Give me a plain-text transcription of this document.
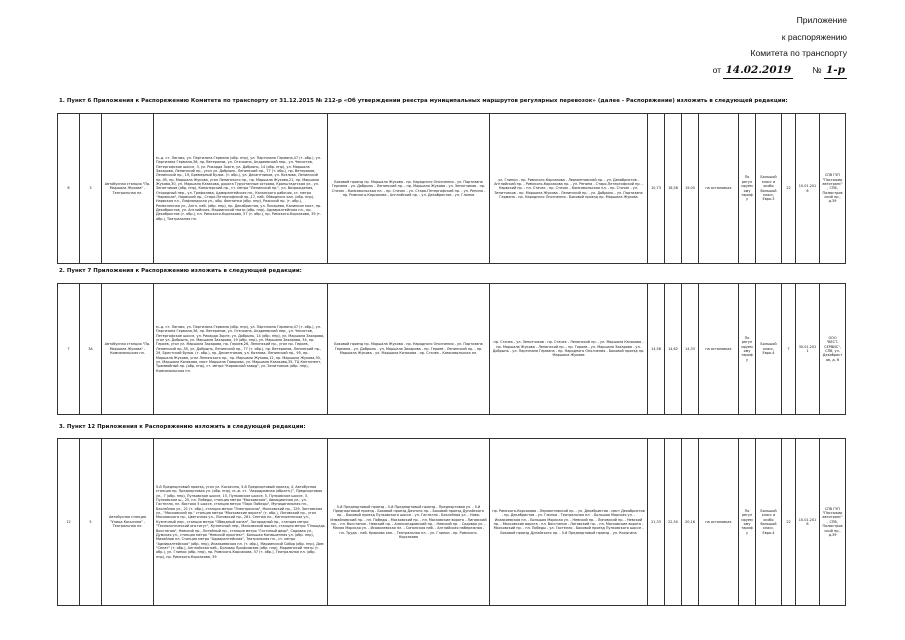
Приложение
к распоряжению
Комитета по транспорту
от 14.02.2019 № 1-р
1. Пункт 6 Приложения к Распоряжению Комитета по транспорту от 31.12.2015 № 212-р «Об утверждении реестра муниципальных маршрутов регулярных перевозок» (далее - Распоряжение) изложить в следующей редакции:
6	3	Автобусная станция "Пр. Маршала Жукова" - Театральная пл.	м.-д. ст. Лигово, ул. Партизана Германа (обр. нпр), ул. Партизана Германа,47 (т. обр.), ул. Партизана Германа,36, пр. Ветеранов, ул. Отечкина, Андреевский пер., ул. Чекистов, Петергофское шоссе, 3, ул. Рихарда Зорге, ул. Добрынь, 14 (обр. нпр), ул. Маршала Захарова, Ленинский пр., угол ул. Добрынь, Ленинский пр., 77 (т. обр.), пр. Ветеранов, Ленинский пр., 19, Бремерный бульв. (т. обр.), ул. Десантников, ул. Козлова, Ленинский пр.,95, пр. Маршала Жукова, угол Ленинского пр., пр. Маршала Жукова,21, пр. Маршала Жукова,30, ул. Маршала Казакова, дорога Турухтанные острова, Кронштадтская ул., ул. Зенитчиков (обр. нпр), Канонерский пр., ст. метро "Ленинский пр.", ул. Возрождения, Огородный пер., ул. Трефолева, Адмиралтейская пл., Казанского рабочих, ст. метро "Нарвская", Нарвский пр., Старо-Петергофский пр.,17, наб. Обводного кан. (обр. нпр), Нарвская пл., Лифляндская ул., обр. Фонтанки (обр. нпр), Рижский пр. (т. обр.), Ремесленная ул., Англ. наб. (обр. нпр), пр. Декабристов, ул. Писарева, Калинкин мост, пр. Декабристов, ул. Английская, Мариинский театр (обр. нпр), Адмиралтейская пл., пр. Декабристов (т. обр.), пл. Римского-Корсакова, 57 (т. обр.), пр. Римского-Корсакова, 39 (т. обр.), Театральная пл.	Боковой проезд пр. Маршала Жукова - пр. Народного Ополчения - ул. Партизана Германа - ул. Добрынь - Ленинский пр. - пр. Маршала Жукова - ул. Зенитчиков - пр. Стачек - Комсомольская пл. - пр. Стачек - ул. Старо-Петергофский пр. - ул. Репина - пр. Римского-Корсакова - Английский пр. - ул. Декабристов - ул. Глинки	ул. Глинки - пр. Римского-Корсакова - Лермонтовский пр. - ул. Декабристов - Английский пр. - Римского-Корсакова пр. - ул. Репина - Старо-Петергофский пр. - Нарвский пр. - пл. Стачек - пр. Стачек - Комсомольская пл. - пр. Стачек - ул. Зенитчиков - пр. Маршала Жукова - Ленинский пр. - ул. Добрынь - ул. Партизана Германа - пр. Народного Ополчения - Боковой проезд пр. Маршала Жукова	10,73	18,58	19,00	на остановках	По регулируемому тарифу	Большой класс и особо большой класс, Евро-3	22	10.01.2016	СПб ГУП "Пассажиравтотранс", СПб, Полюстровский пр., д.39
2. Пункт 7 Приложения к Распоряжению изложить в следующей редакции:
7	3А	Автобусная станция "Пр. Маршала Жукова" - Комсомольская пл.	м.-д. ст. Лигово, ул. Партизана Германа (обр. нпр), ул. Партизана Германа,47 (т. обр.), ул. Партизана Германа,36, пр. Ветеранов, ул. Отечкина, Андреевский пер., ул. Чекистов, Петергофское шоссе, ул. Рихарда Зорге, ул. Добрынь, 14 (обр. нпр), ул. Маршала Захарова, угол ул. Добрынь, ул. Маршала Захарова, 19 (обр. нпр), ул. Маршала Захарова, 34, пр. Героев, угол ул. Маршала Захарова, пр. Героев,26, Ленинский пр., угол пр. Героев, Ленинский пр.,55, ул. Добрынь, Ленинский пр., 77 (т. обр.), пр. Ветеранов, Ленинский пр., 29, Брестский бульв. (т. обр.), пр. Десантников, ул. Козлова, Ленинский пр., 95, пр. Маршала Жукова, угол Ленинского пр., пр. Маршала Жукова,12, пр. Маршала Жукова,30, ул. Маршала Казакова, мост Маршала Говорова, ул. Маршала Казакова,35, ТЦ Континент, Трамвайный пр. (обр. нпр), ст. метро "Кировский завод", ул. Зенитчиков (обр. нпр), Комсомольская пл.	Боковой проезд пр. Маршала Жукова - пр. Народного Ополчения - ул. Партизана Германа - ул. Добрынь - ул. Маршала Захарова - пр. Героев - Ленинский пр. - пр. Маршала Жукова - ул. Маршала Казакова - пр. Стачек - Комсомольская пл.	пр. Стачек - ул. Зенитчиков - пр. Стачек - Ленинский пр. - ул. Маршала Казакова - пр. Маршала Жукова - Ленинский пр. - пр. Героев - ул. Маршала Захарова - ул. Добрынь - ул. Партизана Германа - пр. Народного Ополчения - Боковой проезд пр. Маршала Жукова	14,58	14,62	14,33	на остановках	По регулируемому тарифу	Большой класс, Евро-4	7	30.01.2011	ООО "ВЕСТ-СЕРВИС", СПб, ул. Декабристов, д. 6
3. Пункт 12 Приложения к Распоряжению изложить в следующей редакции:
12	5	Автобусная станция "Улица Косыгина" - Театральная пл.	5-й Предпортовый проезд, угол ул. Косыгина, 5-й Предпортовый проезд, 4, Автобусная станция пр. Предпортовая ул. (обр. нпр), м.-ж. ст. "Аеродромная (обратн.)", Предпортовая ул., 7 (обр. нпр), Пулковское шоссе, 15, Пулковское шоссе, 5, Пулковское шоссе, 3, Пулковское ш., 25, пл. Победы, станция метро "Московская", Авиационная ул., ул. Гастелло, пл. Востока 5 шоссе, станция метро "Парк Победы", Муниципальная пл., Бассейная ул., 21 (т. обр.), станция метро "Электросила", Московский пр., 129, Заставская ул., "Московский пр." станция метро "Московские ворота" (т. обр.), Лиговский пр., угол Московского пр., Цветочная ул., Лиговский пр., 281, Сенная пл., Кингисеппская ул., Кузнечный пер., станция метро "Обводный канал", Загородный пр., станция метро "Технологический институт", Кузнечный пер., Московский вокзал, станция метро "Площадь Восстания", Невский пр., Литейный пр., станция метро "Гостиный двор", Садовая ул., Думская ул., станция метро "Невский проспект", Большая Конюшенная ул. (обр. нпр), Михайлов пл. Станция метро "Адмиралтейская", Театральная пл., ст. метро "Адмиралтейская" (обр. нпр), Исаакиевская пл. (т. обр.), Мариинский Собор (обр. нпр), Дом "Сенат" (т. обр.), Английская наб., Бульвар Профсоюзов (обр. нпр), Мариинский театр (т. обр.), ул. Глинки (обр. нпр), пр. Римского-Корсакова, 57 (т. обр.), Театральная пл. (обр. нпр), пр. Римского-Корсакова, 39	5-й Предпортовый проезд - 5-й Предпортовый проезд - Предпортовая ул. - 5-й Предпортовый проезд - Боковой проезд Дачного пр. - Боковой проезд Дунайского пр. - Боковой проезд Пулковского шоссе - ул. Гастелло - Бассейная ул. - Ново-Измайловский пр. - пл. Победы - Московский пр. - пл. Московские ворота - Лиговский пр. - пл. Восстания - Невский пр. - Александровский пр. - Невский пр. - Садовая ул. - Малая Морская ул. - Исаакиевская пл. - Синопская наб. - Английская набережная - пл. Труда - наб. Крюкова кан. - Театральная пл. - ул. Глинки - пр. Римского-Корсакова	пр. Римского-Корсакова - Лермонтовский пр. - ул. Декабристов - мост Декабристов - пр. Декабристов - ул. Глинки - Театральная пл. - Большая Морская ул. - Исаакиевская пл. - Большая Морская ул. - Невский пр. - Лиговский пр. - Невский пр. - Московские ворота - пл. Восстания - Лиговский пр. - пл. Московские ворота - Московский пр. - пл. Победы - ул. Гастелло - Боковой проезд Пулковского шоссе - Боковой проезд Дунайского пр. - 5-й Предпортовый проезд - ул. Косыгина	21,33	22,50	20,16	на остановках	По регулируемому тарифу	Большой класс и особо большой класс, Евро-4	22	10.01.2016	СПб ГУП "Пассажиравтотранс", СПб, Полюстровский пр., д.39
